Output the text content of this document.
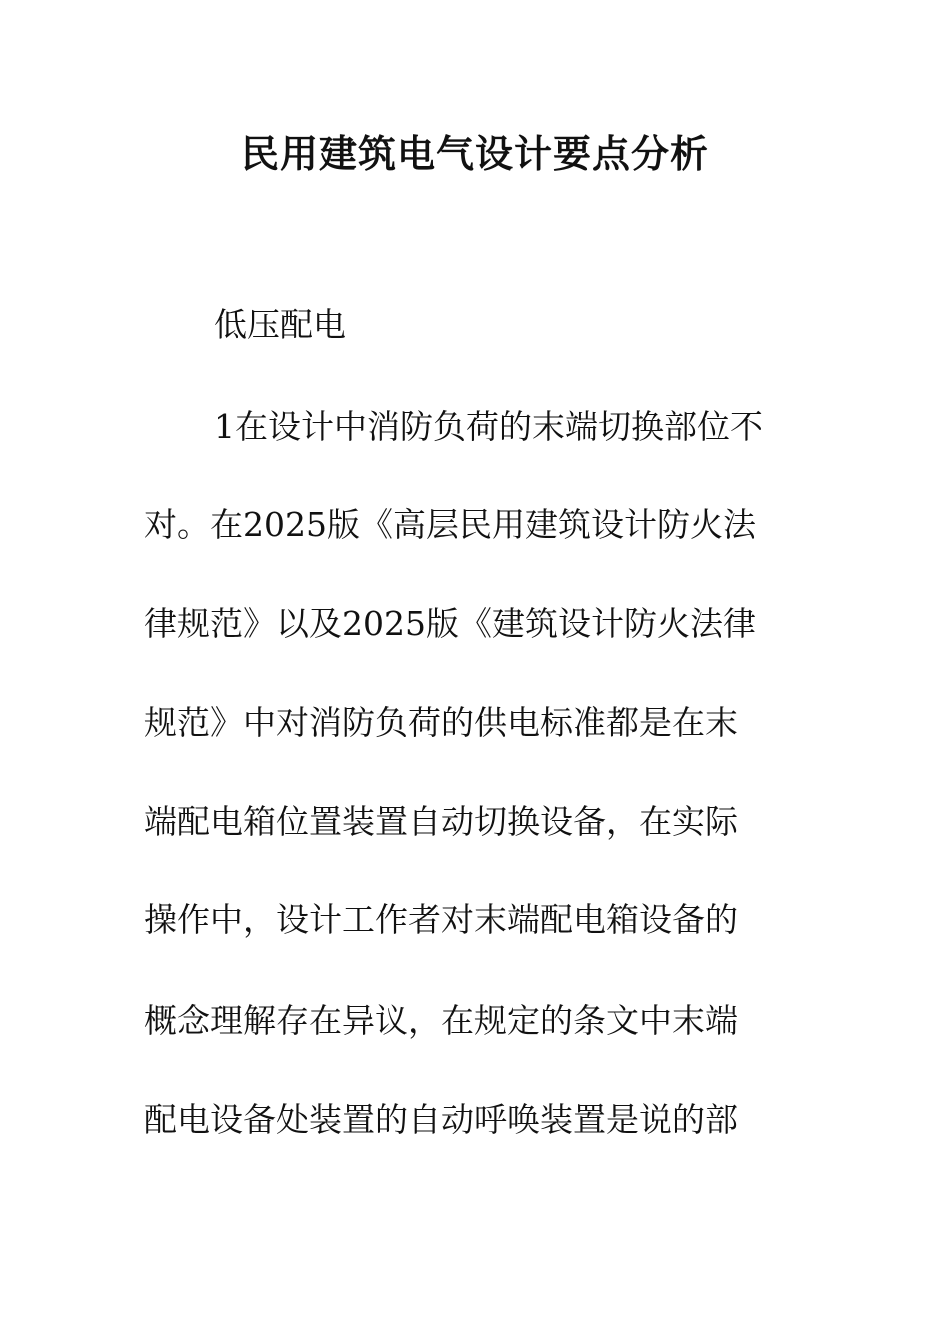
民用建筑电气设计要点分析
低压配电
1在设计中消防负荷的末端切换部位不
对。在2025版《高层民用建筑设计防火法
律规范》以及2025版《建筑设计防火法律
规范》中对消防负荷的供电标准都是在末
端配电箱位置装置自动切换设备，在实际
操作中，设计工作者对末端配电箱设备的
概念理解存在异议，在规定的条文中末端
配电设备处装置的自动呼唤装置是说的部
